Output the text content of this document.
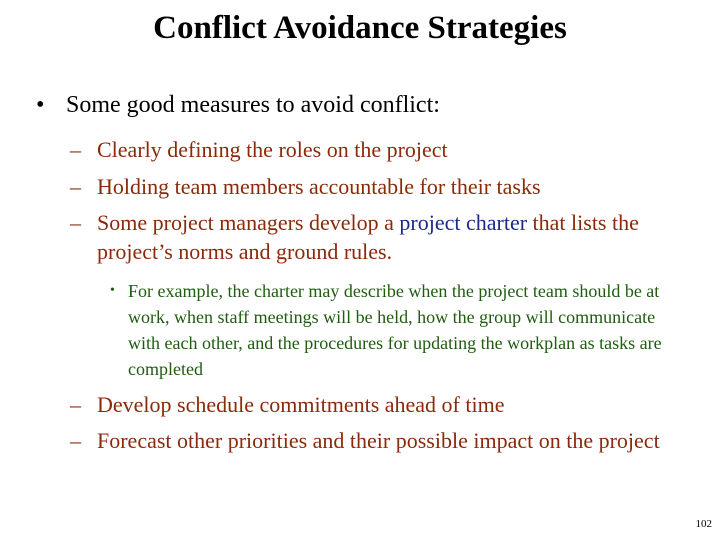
Conflict Avoidance Strategies
• Some good measures to avoid conflict:
– Clearly defining the roles on the project
– Holding team members accountable for their tasks
– Some project managers develop a project charter that lists the project’s norms and ground rules.
• For example, the charter may describe when the project team should be at work, when staff meetings will be held, how the group will communicate with each other, and the procedures for updating the workplan as tasks are completed
– Develop schedule commitments ahead of time
– Forecast other priorities and their possible impact on the project
102
